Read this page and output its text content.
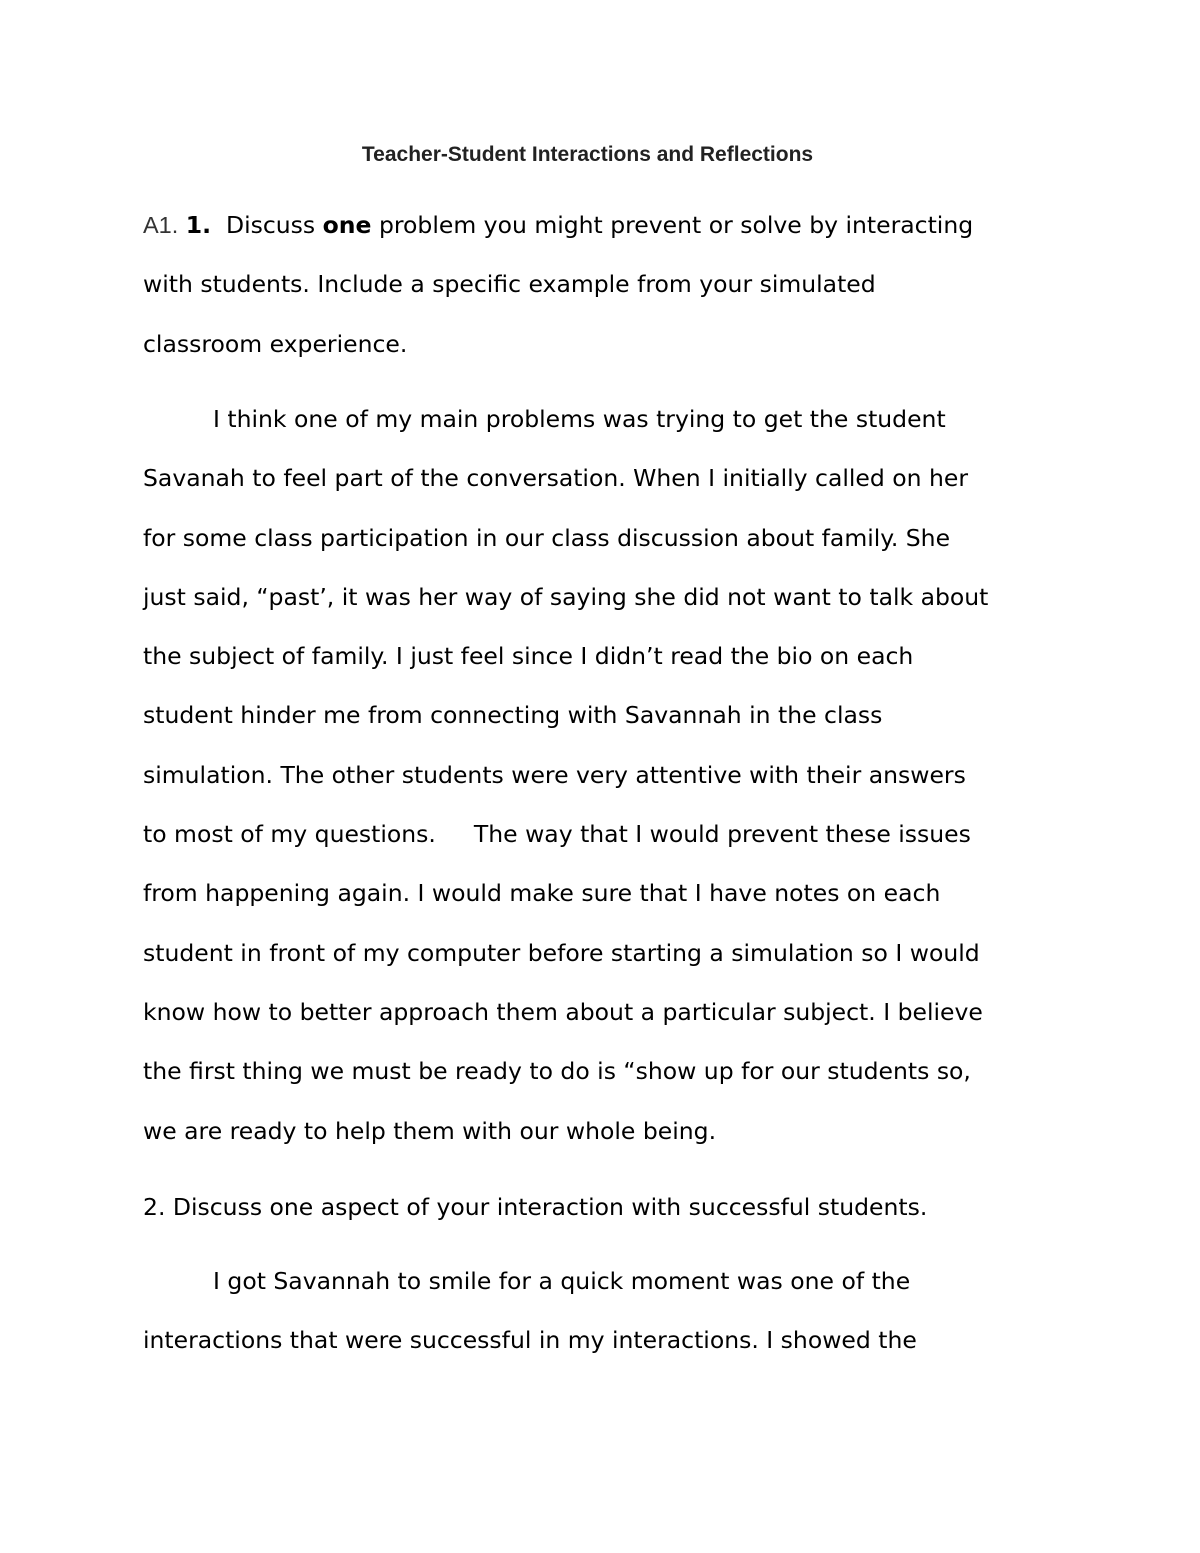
Teacher-Student Interactions and Reflections
A1. 1. Discuss one problem you might prevent or solve by interacting
with students. Include a specific example from your simulated
classroom experience.
I think one of my main problems was trying to get the student
Savanah to feel part of the conversation. When I initially called on her
for some class participation in our class discussion about family. She
just said, “past’, it was her way of saying she did not want to talk about
the subject of family. I just feel since I didn’t read the bio on each
student hinder me from connecting with Savannah in the class
simulation. The other students were very attentive with their answers
to most of my questions. The way that I would prevent these issues
from happening again. I would make sure that I have notes on each
student in front of my computer before starting a simulation so I would
know how to better approach them about a particular subject. I believe
the first thing we must be ready to do is “show up for our students so,
we are ready to help them with our whole being.
2. Discuss one aspect of your interaction with successful students.
I got Savannah to smile for a quick moment was one of the
interactions that were successful in my interactions. I showed the
